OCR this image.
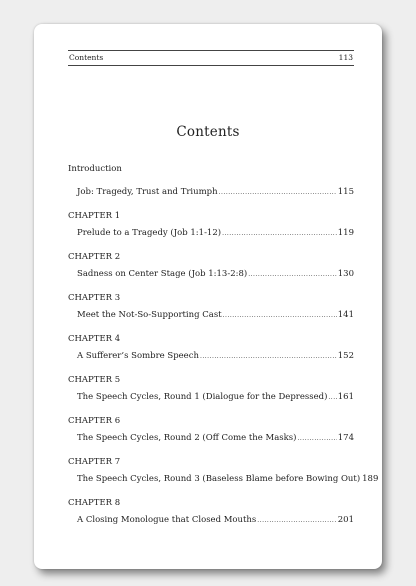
Contents	113
Contents
Introduction
Job: Tragedy, Trust and Triumph .....	115
CHAPTER 1
Prelude to a Tragedy (Job 1:1-12) .....	119
CHAPTER 2
Sadness on Center Stage (Job 1:13-2:8) .....	130
CHAPTER 3
Meet the Not-So-Supporting Cast .....	141
CHAPTER 4
A Sufferer’s Sombre Speech .....	152
CHAPTER 5
The Speech Cycles, Round 1 (Dialogue for the Depressed) ..... 161
CHAPTER 6
The Speech Cycles, Round 2 (Off Come the Masks) .....	174
CHAPTER 7
The Speech Cycles, Round 3 (Baseless Blame before Bowing Out) 189
CHAPTER 8
A Closing Monologue that Closed Mouths .....	201
